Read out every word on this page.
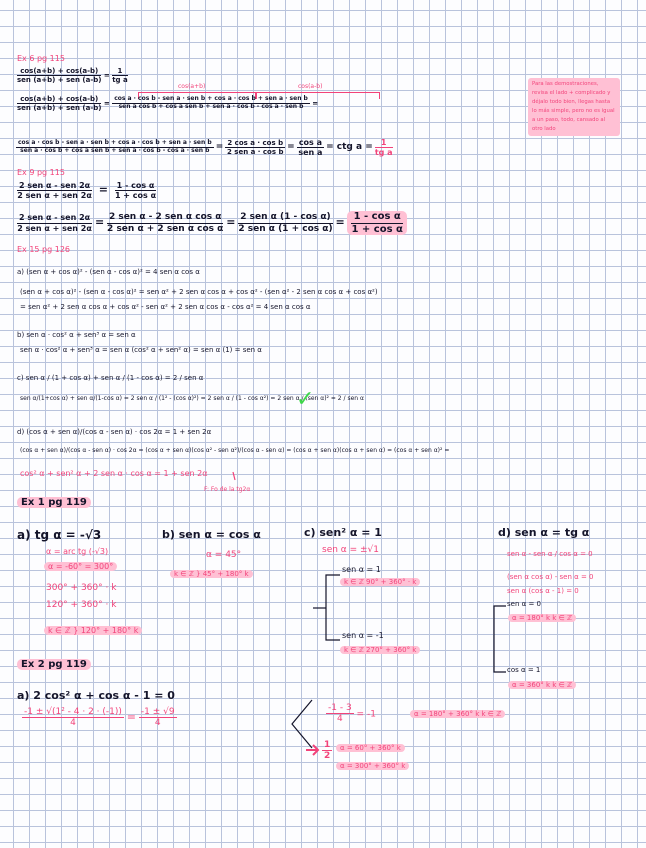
Para las demostraciones, revisa el lado + complicado y déjalo todo bien, llegas hasta lo más simple, pero no es igual a un paso, todo, cansado al otro lado
Ex 6 pg 115
$\frac{\cos(a+b) + \cos(a-b)}{\text{sen (a+b) + sen (a-b)}} = \frac{1}{\text{tg a}}$
cos(a+b)	cos(a-b)
$\frac{\cos(a+b) + \cos(a-b)}{\text{sen (a+b) + sen (a-b)}}$ =
cos a · cos b - sen a · sen b + cos a · cos b + sen a · sen b
sen a cos b + cos a sen b + sen a · cos b - cos a · sen b	=
cos a · cos b - sen a · sen b + cos a · cos b + sen a · sen b
sen a · cos b + cos a sen b + sen a · cos b - cos a · sen $b = \frac{\text{2 cos a · cos b}}{\text{2 sen a · cos b}} = \frac{\text{cos a}}{\text{sen a}}$ = ctg $a = \frac{1}{\text{tg a}}$
Ex 9 pg 115
$\frac{\text{2 sen α - sen 2α}}{\text{2 sen α + sen 2α}} = \frac{\text{1 - cos α}}{\text{1 + cos α}}$
$\frac{\text{2 sen α - sen 2α}}{\text{2 sen α + sen 2α}} = \frac{\text{2 sen α - 2 sen α cos α}}{\text{2 sen α + 2 sen α cos α}} = \frac{\text{2 sen α (1 - cos α)}}{\text{2 sen α (1 + cos α)}} = \frac{\text{1 - cos α}}{\text{1 + cos α}}$
Ex 15 pg 126
a) (sen α + cos α)² - (sen α - cos α)² = 4 sen α cos α
(sen α + cos α)² - (sen α - cos α)² = sen α² + 2 sen α cos α + cos α² - (sen α² - 2 sen α cos α + cos α²)
= sen α² + 2 sen α cos α + cos α² - sen α² + 2 sen α cos α - cos α² = 4 sen α cos α
b) sen α · cos² α + sen³ α = sen α
sen α · cos² α + sen³ α = sen α (cos² α + sen² α) = sen α (1) = sen α
c) sen α / (1 + cos α) + sen α / (1 - cos α) = 2 / sen α
sen α/(1+cos α) + sen α/(1-cos α) = 2 sen α / (1² - (cos α)²) = 2 sen α / (1 - cos α²) = 2 sen α / (sen α)² = 2 / sen α
✓
d) (cos α + sen α)/(cos α - sen α) · cos 2α = 1 + sen 2α
(cos α + sen α)/(cos α - sen α) · cos 2α = (cos α + sen α)(cos α² - sen α²)/(cos α - sen α) = (cos α + sen α)(cos α + sen α) = (cos α + sen α)² =
cos² α + sen² α + 2 sen α · cos α = 1 + sen 2α
F: Fo de la tg2α
Ex 1 pg 119
a) tg α = -√3
α = arc tg (-√3)
α = -60° = 300°
300° + 360° · k
120° + 360° · k
k ∈ ℤ } 120° + 180° k
b) sen α = cos α
α = 45°
k ∈ ℤ } 45° + 180° k
c) sen² α = 1
sen α = ±√1
sen α = 1
k ∈ ℤ 90° + 360° · k
sen α = -1
k ∈ ℤ 270° + 360° k
d) sen α = tg α
sen α - sen α / cos α = 0
(sen α cos α) - sen α = 0
sen α (cos α - 1) = 0
sen α = 0
α = 180° k k ∈ ℤ
cos α = 1
α = 360° k k ∈ ℤ
Ex 2 pg 119
a) 2 cos² α + cos α - 1 = 0
$\frac{\text{-1 ± √(1² - 4 · 2 · (-1))}}{4} = \frac{-1 \pm √9}{4}$	$\frac{-1 - 3}{4} = -1$	α = 180° + 360° k k ∈ ℤ
$\frac{1}{2}$	α = 60° + 360° k
α = 300° + 360° k
